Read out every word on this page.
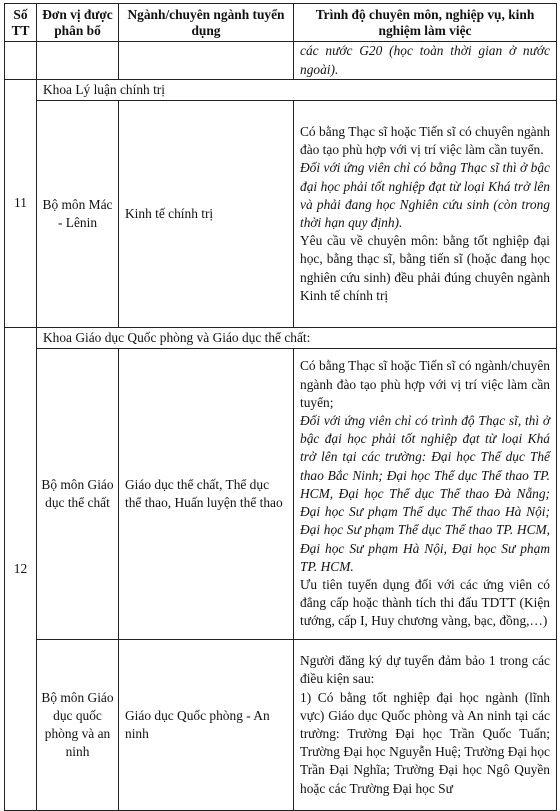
Số TT	Đơn vị được phân bổ	Ngành/chuyên ngành tuyển dụng	Trình độ chuyên môn, nghiệp vụ, kinh nghiệm làm việc
			các nước G20 (học toàn thời gian ở nước ngoài).
11	Khoa Lý luận chính trị		
	Bộ môn Mác - Lênin	Kinh tế chính trị	Có bằng Thạc sĩ hoặc Tiến sĩ có chuyên ngành đào tạo phù hợp với vị trí việc làm cần tuyển.
Đối với ứng viên chỉ có bằng Thạc sĩ thì ở bậc đại học phải tốt nghiệp đạt từ loại Khá trở lên và phải đang học Nghiên cứu sinh (còn trong thời hạn quy định).
Yêu cầu về chuyên môn: bằng tốt nghiệp đại học, bằng thạc sĩ, bằng tiến sĩ (hoặc đang học nghiên cứu sinh) đều phải đúng chuyên ngành Kinh tế chính trị

12	Khoa Giáo dục Quốc phòng và Giáo dục thể chất:		
	Bộ môn Giáo dục thể chất	Giáo dục thể chất, Thể dục thể thao, Huấn luyện thể thao	Có bằng Thạc sĩ hoặc Tiến sĩ có ngành/chuyên ngành đào tạo phù hợp với vị trí việc làm cần tuyển;
Đối với ứng viên chỉ có trình độ Thạc sĩ, thì ở bậc đại học phải tốt nghiệp đạt từ loại Khá trở lên tại các trường: Đại học Thể dục Thể thao Bắc Ninh; Đại học Thể dục Thể thao TP. HCM, Đại học Thể dục Thể thao Đà Nẵng; Đại học Sư phạm Thể dục Thể thao Hà Nội; Đại học Sư phạm Thể dục Thể thao TP. HCM, Đại học Sư phạm Hà Nội, Đại học Sư phạm TP. HCM.
Ưu tiên tuyển dụng đối với các ứng viên có đẳng cấp hoặc thành tích thi đấu TDTT (Kiện tướng, cấp I, Huy chương vàng, bạc, đồng,…)

	Bộ môn Giáo dục quốc phòng và an ninh	Giáo dục Quốc phòng - An ninh	Người đăng ký dự tuyển đảm bảo 1 trong các điều kiện sau:
1) Có bằng tốt nghiệp đại học ngành (lĩnh vực) Giáo dục Quốc phòng và An ninh tại các trường: Trường Đại học Trần Quốc Tuấn; Trường Đại học Nguyễn Huệ; Trường Đại học Trần Đại Nghĩa; Trường Đại học Ngô Quyền hoặc các Trường Đại học Sư
